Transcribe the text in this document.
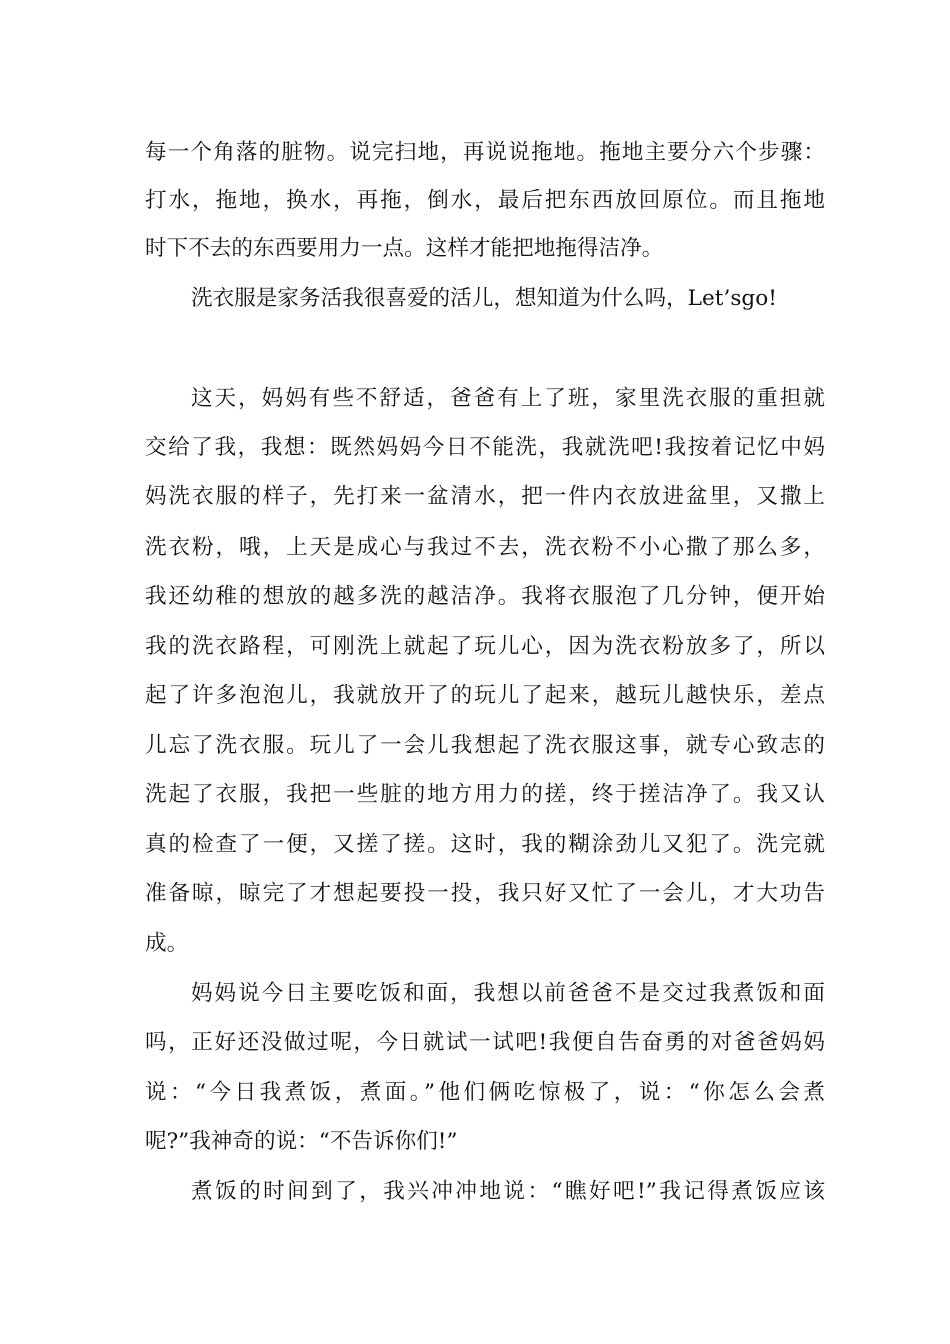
每一个角落的脏物。说完扫地，再说说拖地。拖地主要分六个步骤：
打水，拖地，换水，再拖，倒水，最后把东西放回原位。而且拖地
时下不去的东西要用力一点。这样才能把地拖得洁净。
洗衣服是家务活我很喜爱的活儿，想知道为什么吗，Let’sgo!
这天，妈妈有些不舒适，爸爸有上了班，家里洗衣服的重担就
交给了我，我想：既然妈妈今日不能洗，我就洗吧!我按着记忆中妈
妈洗衣服的样子，先打来一盆清水，把一件内衣放进盆里，又撒上
洗衣粉，哦，上天是成心与我过不去，洗衣粉不小心撒了那么多，
我还幼稚的想放的越多洗的越洁净。我将衣服泡了几分钟，便开始
我的洗衣路程，可刚洗上就起了玩儿心，因为洗衣粉放多了，所以
起了许多泡泡儿，我就放开了的玩儿了起来，越玩儿越快乐，差点
儿忘了洗衣服。玩儿了一会儿我想起了洗衣服这事，就专心致志的
洗起了衣服，我把一些脏的地方用力的搓，终于搓洁净了。我又认
真的检查了一便，又搓了搓。这时，我的糊涂劲儿又犯了。洗完就
准备晾，晾完了才想起要投一投，我只好又忙了一会儿，才大功告
成。
妈妈说今日主要吃饭和面，我想以前爸爸不是交过我煮饭和面
吗，正好还没做过呢，今日就试一试吧!我便自告奋勇的对爸爸妈妈
说：“今日我煮饭，煮面。”他们俩吃惊极了，说：“你怎么会煮
呢?”我神奇的说：“不告诉你们!”
煮饭的时间到了，我兴冲冲地说：“瞧好吧!”我记得煮饭应该
